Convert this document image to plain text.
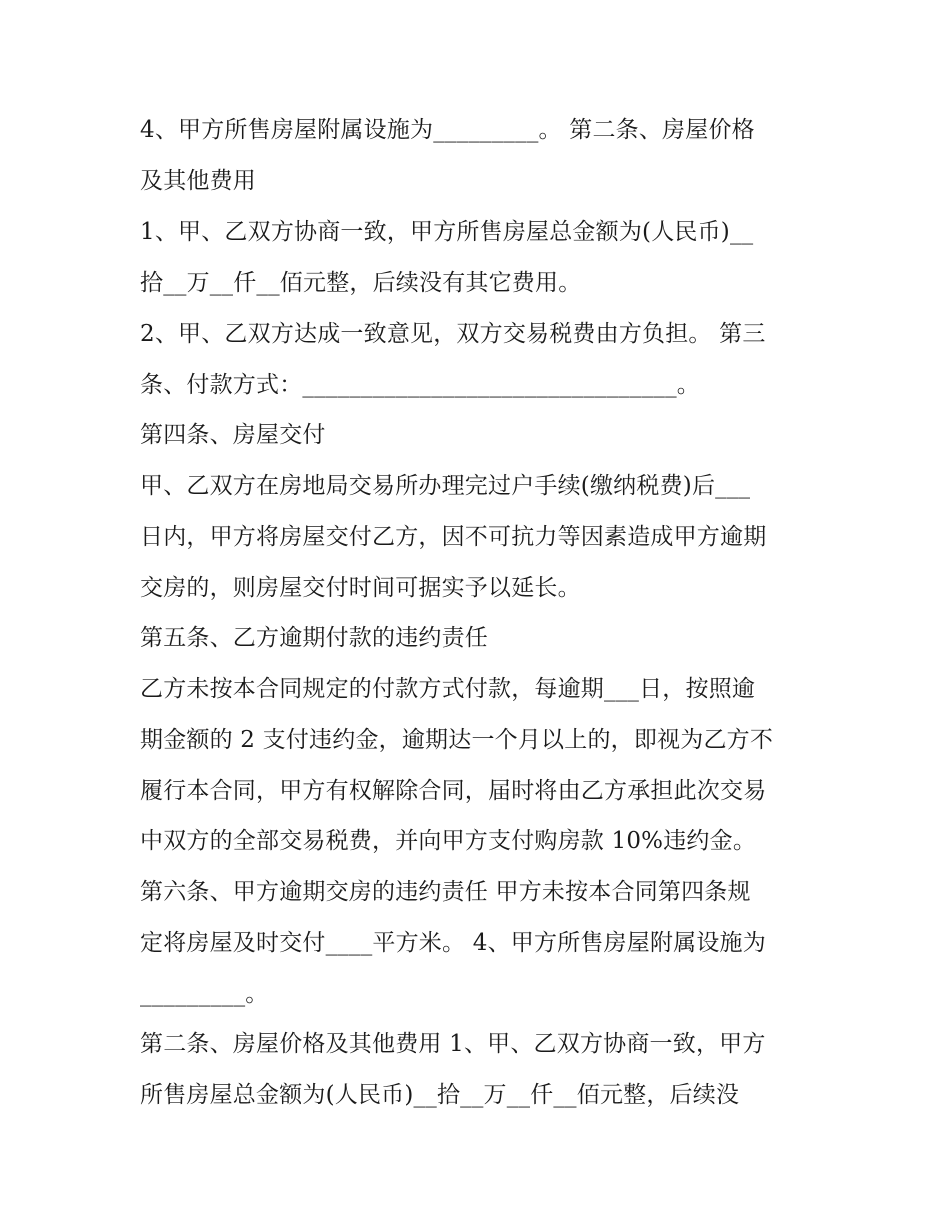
4、甲方所售房屋附属设施为_________。 第二条、房屋价格
及其他费用
1、甲、乙双方协商一致，甲方所售房屋总金额为(人民币)__
拾__万__仟__佰元整，后续没有其它费用。
2、甲、乙双方达成一致意见，双方交易税费由方负担。 第三
条、付款方式：________________________________。
第四条、房屋交付
甲、乙双方在房地局交易所办理完过户手续(缴纳税费)后___
日内，甲方将房屋交付乙方，因不可抗力等因素造成甲方逾期
交房的，则房屋交付时间可据实予以延长。
第五条、乙方逾期付款的违约责任
乙方未按本合同规定的付款方式付款，每逾期___日，按照逾
期金额的 2 支付违约金，逾期达一个月以上的，即视为乙方不
履行本合同，甲方有权解除合同，届时将由乙方承担此次交易
中双方的全部交易税费，并向甲方支付购房款 10%违约金。
第六条、甲方逾期交房的违约责任 甲方未按本合同第四条规
定将房屋及时交付____平方米。 4、甲方所售房屋附属设施为
_________。
第二条、房屋价格及其他费用 1、甲、乙双方协商一致，甲方
所售房屋总金额为(人民币)__拾__万__仟__佰元整，后续没
